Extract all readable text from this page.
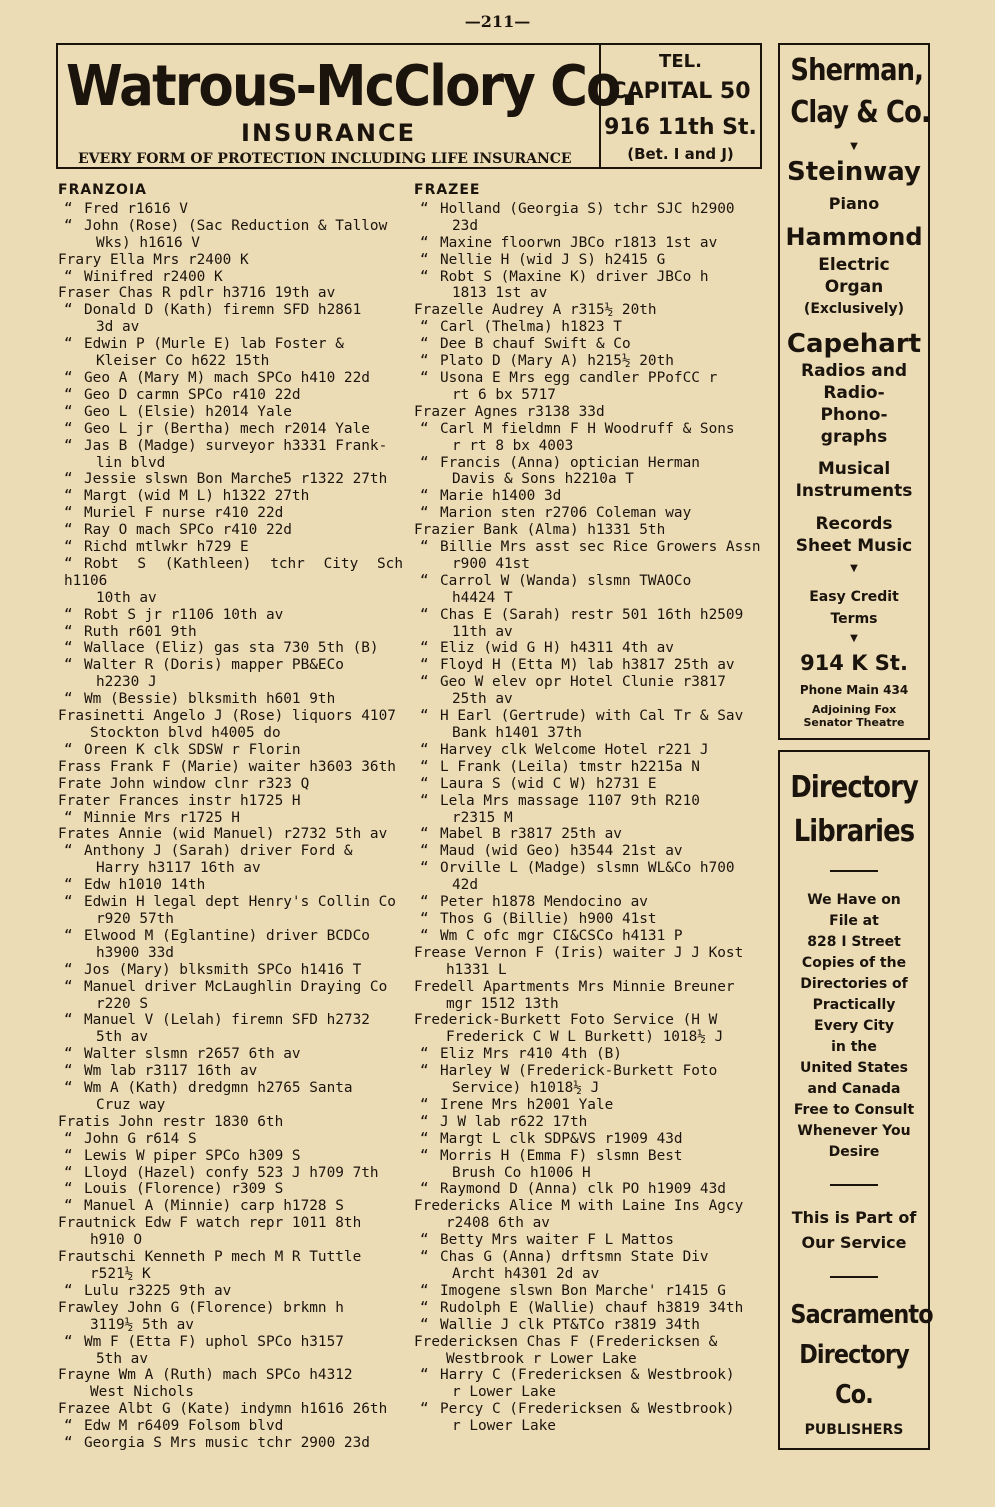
—211—
Watrous-McClory Co.
INSURANCE
EVERY FORM OF PROTECTION INCLUDING LIFE INSURANCE
TEL.
CAPITAL 50
916 11th St.
(Bet. I and J)
FRANZOIA
“ Fred r1616 V
“ John (Rose) (Sac Reduction & Tallow
Wks) h1616 V
Frary Ella Mrs r2400 K
“ Winifred r2400 K
Fraser Chas R pdlr h3716 19th av
“ Donald D (Kath) firemn SFD h2861
3d av
“ Edwin P (Murle E) lab Foster &
Kleiser Co h622 15th
“ Geo A (Mary M) mach SPCo h410 22d
“ Geo D carmn SPCo r410 22d
“ Geo L (Elsie) h2014 Yale
“ Geo L jr (Bertha) mech r2014 Yale
“ Jas B (Madge) surveyor h3331 Frank-
lin blvd
“ Jessie slswn Bon Marche5 r1322 27th
“ Margt (wid M L) h1322 27th
“ Muriel F nurse r410 22d
“ Ray O mach SPCo r410 22d
“ Richd mtlwkr h729 E
“ Robt S (Kathleen) tchr City Sch h1106
10th av
“ Robt S jr r1106 10th av
“ Ruth r601 9th
“ Wallace (Eliz) gas sta 730 5th (B)
“ Walter R (Doris) mapper PB&ECo
h2230 J
“ Wm (Bessie) blksmith h601 9th
Frasinetti Angelo J (Rose) liquors 4107
Stockton blvd h4005 do
“ Oreen K clk SDSW r Florin
Frass Frank F (Marie) waiter h3603 36th
Frate John window clnr r323 Q
Frater Frances instr h1725 H
“ Minnie Mrs r1725 H
Frates Annie (wid Manuel) r2732 5th av
“ Anthony J (Sarah) driver Ford &
Harry h3117 16th av
“ Edw h1010 14th
“ Edwin H legal dept Henry's Collin Co
r920 57th
“ Elwood M (Eglantine) driver BCDCo
h3900 33d
“ Jos (Mary) blksmith SPCo h1416 T
“ Manuel driver McLaughlin Draying Co
r220 S
“ Manuel V (Lelah) firemn SFD h2732
5th av
“ Walter slsmn r2657 6th av
“ Wm lab r3117 16th av
“ Wm A (Kath) dredgmn h2765 Santa
Cruz way
Fratis John restr 1830 6th
“ John G r614 S
“ Lewis W piper SPCo h309 S
“ Lloyd (Hazel) confy 523 J h709 7th
“ Louis (Florence) r309 S
“ Manuel A (Minnie) carp h1728 S
Frautnick Edw F watch repr 1011 8th
h910 O
Frautschi Kenneth P mech M R Tuttle
r521½ K
“ Lulu r3225 9th av
Frawley John G (Florence) brkmn h
3119½ 5th av
“ Wm F (Etta F) uphol SPCo h3157
5th av
Frayne Wm A (Ruth) mach SPCo h4312
West Nichols
Frazee Albt G (Kate) indymn h1616 26th
“ Edw M r6409 Folsom blvd
“ Georgia S Mrs music tchr 2900 23d
FRAZEE
“ Holland (Georgia S) tchr SJC h2900
23d
“ Maxine floorwn JBCo r1813 1st av
“ Nellie H (wid J S) h2415 G
“ Robt S (Maxine K) driver JBCo h
1813 1st av
Frazelle Audrey A r315½ 20th
“ Carl (Thelma) h1823 T
“ Dee B chauf Swift & Co
“ Plato D (Mary A) h215½ 20th
“ Usona E Mrs egg candler PPofCC r
rt 6 bx 5717
Frazer Agnes r3138 33d
“ Carl M fieldmn F H Woodruff & Sons
r rt 8 bx 4003
“ Francis (Anna) optician Herman
Davis & Sons h2210a T
“ Marie h1400 3d
“ Marion sten r2706 Coleman way
Frazier Bank (Alma) h1331 5th
“ Billie Mrs asst sec Rice Growers Assn
r900 41st
“ Carrol W (Wanda) slsmn TWAOCo
h4424 T
“ Chas E (Sarah) restr 501 16th h2509
11th av
“ Eliz (wid G H) h4311 4th av
“ Floyd H (Etta M) lab h3817 25th av
“ Geo W elev opr Hotel Clunie r3817
25th av
“ H Earl (Gertrude) with Cal Tr & Sav
Bank h1401 37th
“ Harvey clk Welcome Hotel r221 J
“ L Frank (Leila) tmstr h2215a N
“ Laura S (wid C W) h2731 E
“ Lela Mrs massage 1107 9th R210
r2315 M
“ Mabel B r3817 25th av
“ Maud (wid Geo) h3544 21st av
“ Orville L (Madge) slsmn WL&Co h700
42d
“ Peter h1878 Mendocino av
“ Thos G (Billie) h900 41st
“ Wm C ofc mgr CI&CSCo h4131 P
Frease Vernon F (Iris) waiter J J Kost
h1331 L
Fredell Apartments Mrs Minnie Breuner
mgr 1512 13th
Frederick-Burkett Foto Service (H W
Frederick C W L Burkett) 1018½ J
“ Eliz Mrs r410 4th (B)
“ Harley W (Frederick-Burkett Foto
Service) h1018½ J
“ Irene Mrs h2001 Yale
“ J W lab r622 17th
“ Margt L clk SDP&VS r1909 43d
“ Morris H (Emma F) slsmn Best
Brush Co h1006 H
“ Raymond D (Anna) clk PO h1909 43d
Fredericks Alice M with Laine Ins Agcy
r2408 6th av
“ Betty Mrs waiter F L Mattos
“ Chas G (Anna) drftsmn State Div
Archt h4301 2d av
“ Imogene slswn Bon Marche' r1415 G
“ Rudolph E (Wallie) chauf h3819 34th
“ Wallie J clk PT&TCo r3819 34th
Fredericksen Chas F (Fredericksen &
Westbrook r Lower Lake
“ Harry C (Fredericksen & Westbrook)
r Lower Lake
“ Percy C (Fredericksen & Westbrook)
r Lower Lake
Sherman,
Clay & Co.
▼
Steinway
Piano
Hammond
Electric
Organ
(Exclusively)
Capehart
Radios and
Radio-
Phono-
graphs
Musical
Instruments
Records
Sheet Music
▼
Easy Credit
Terms
▼
914 K St.
Phone Main 434
Adjoining Fox
Senator Theatre
Directory
Libraries
This is Part of
Our Service
Sacramento
Directory
Co.
PUBLISHERS
We Have on
File at
828 I Street
Copies of the
Directories of
Practically
Every City
in the
United States
and Canada
Free to Consult
Whenever You
Desire
